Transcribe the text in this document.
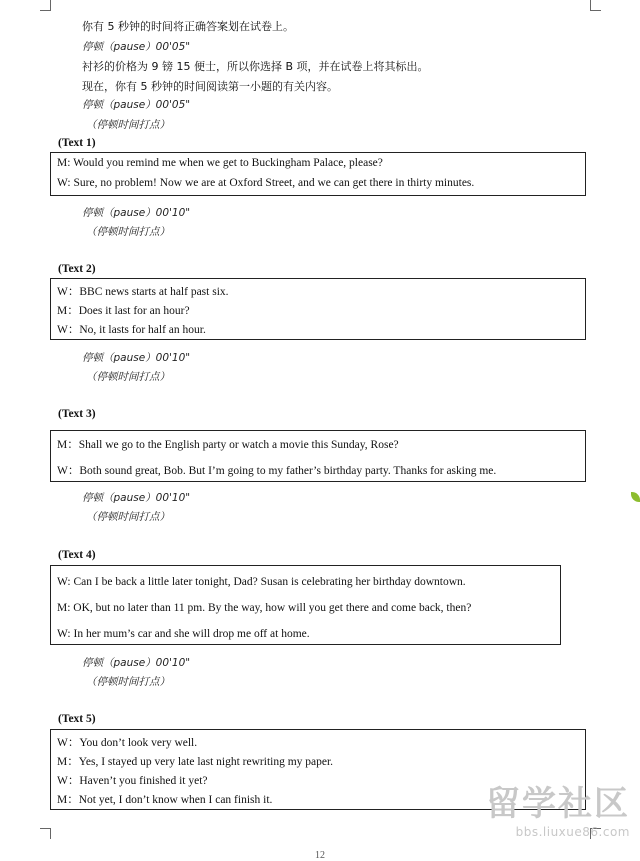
你有 5 秒钟的时间将正确答案划在试卷上。
停顿（pause）00'05"
衬衫的价格为 9 镑 15 便士，所以你选择 B 项，并在试卷上将其标出。
现在，你有 5 秒钟的时间阅读第一小题的有关内容。
停顿（pause）00'05"
（停顿时间打点）
(Text 1)
M: Would you remind me when we get to Buckingham Palace, please?
W: Sure, no problem! Now we are at Oxford Street, and we can get there in thirty minutes.
停顿（pause）00'10"
（停顿时间打点）
(Text 2)
W：BBC news starts at half past six.
M：Does it last for an hour?
W：No, it lasts for half an hour.
停顿（pause）00'10"
（停顿时间打点）
(Text 3)
M：Shall we go to the English party or watch a movie this Sunday, Rose?
W：Both sound great, Bob. But I’m going to my father’s birthday party. Thanks for asking me.
停顿（pause）00'10"
（停顿时间打点）
(Text 4)
W: Can I be back a little later tonight, Dad? Susan is celebrating her birthday downtown.
M: OK, but no later than 11 pm. By the way, how will you get there and come back, then?
W: In her mum’s car and she will drop me off at home.
停顿（pause）00'10"
（停顿时间打点）
(Text 5)
W：You don’t look very well.
M：Yes, I stayed up very late last night rewriting my paper.
W：Haven’t you finished it yet?
M：Not yet, I don’t know when I can finish it.	留学社区
bbs.liuxue86.com
12
